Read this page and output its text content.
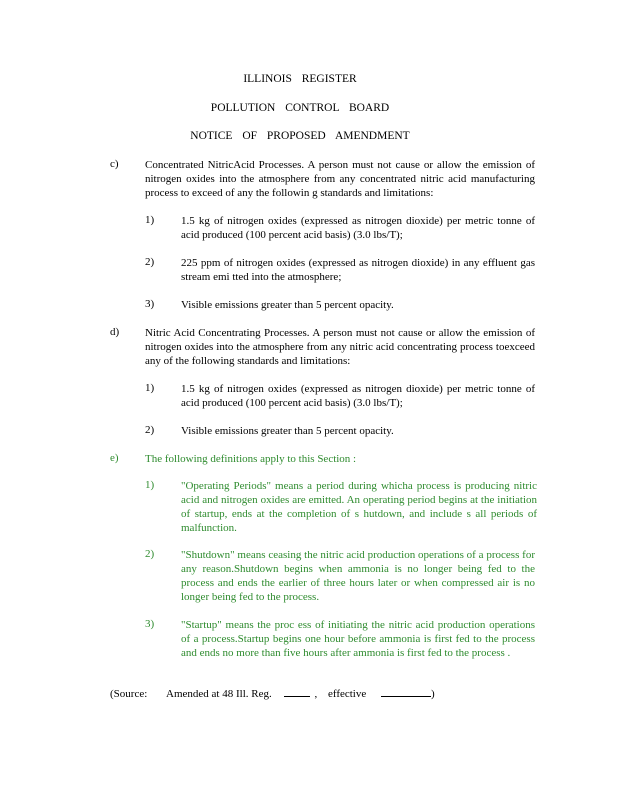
ILLINOIS REGISTER
POLLUTION CONTROL BOARD
NOTICE OF PROPOSED AMENDMENT
c) Concentrated NitricAcid Processes. A person must not cause or allow the emission of nitrogen oxides into the atmosphere from any concentrated nitric acid manufacturing process to exceed of any the followin g standards and limitations:
1) 1.5 kg of nitrogen oxides (expressed as nitrogen dioxide) per metric tonne of acid produced (100 percent acid basis) (3.0 lbs/T);
2) 225 ppm of nitrogen oxides (expressed as nitrogen dioxide) in any effluent gas stream emi tted into the atmosphere;
3) Visible emissions greater than 5 percent opacity.
d) Nitric Acid Concentrating Processes. A person must not cause or allow the emission of nitrogen oxides into the atmosphere from any nitric acid concentrating process toexceed any of the following standards and limitations:
1) 1.5 kg of nitrogen oxides (expressed as nitrogen dioxide) per metric tonne of acid produced (100 percent acid basis) (3.0 lbs/T);
2) Visible emissions greater than 5 percent opacity.
e) The following definitions apply to this Section :
1) "Operating Periods" means a period during whicha process is producing nitric acid and nitrogen oxides are emitted. An operating period begins at the initiation of startup, ends at the completion of s hutdown, and include s all periods of malfunction.
2) "Shutdown" means ceasing the nitric acid production operations of a process for any reason.Shutdown begins when ammonia is no longer being fed to the process and ends the earlier of three hours later or when compressed air is no longer being fed to the process.
3) "Startup" means the proc ess of initiating the nitric acid production operations of a process.Startup begins one hour before ammonia is first fed to the process and ends no more than five hours after ammonia is first fed to the process .
(Source: Amended at 48 Ill. Reg.	, effective	)
